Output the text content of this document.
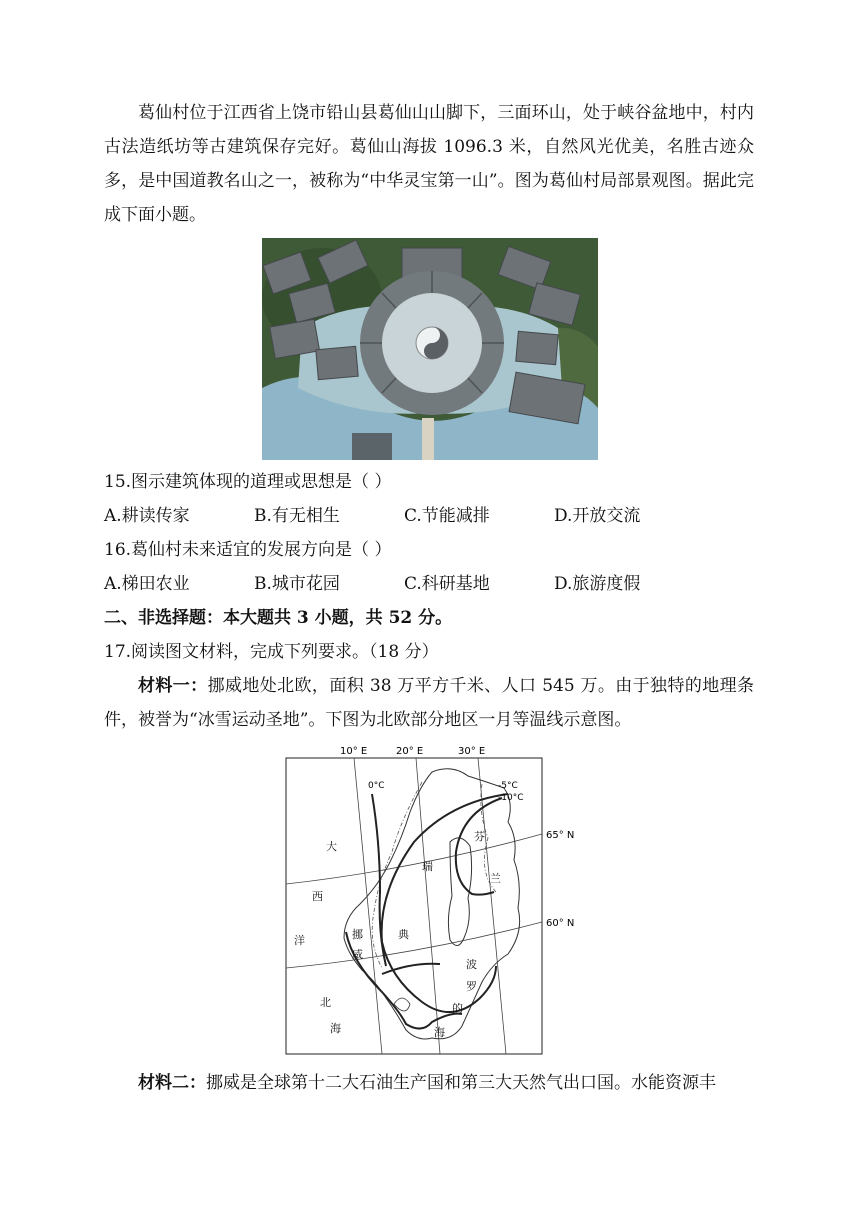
葛仙村位于江西省上饶市铅山县葛仙山山脚下，三面环山，处于峡谷盆地中，村内古法造纸坊等古建筑保存完好。葛仙山海拔 1096.3 米，自然风光优美，名胜古迹众多，是中国道教名山之一，被称为“中华灵宝第一山”。图为葛仙村局部景观图。据此完成下面小题。
15.图示建筑体现的道理或思想是（ ）
A.耕读传家	B.有无相生	C.节能减排	D.开放交流
16.葛仙村未来适宜的发展方向是（ ）
A.梯田农业	B.城市花园	C.科研基地	D.旅游度假
二、非选择题：本大题共 3 小题，共 52 分。
17.阅读图文材料，完成下列要求。（18 分）
材料一：挪威地处北欧，面积 38 万平方千米、人口 545 万。由于独特的地理条件，被誉为“冰雪运动圣地”。下图为北欧部分地区一月等温线示意图。
10° E	20° E	30° E
65° N
60° N
0°C	-5°C
-10°C
大
西
洋	挪
威
瑞
典
芬
兰
波
罗
的
海
北
海
材料二：挪威是全球第十二大石油生产国和第三大天然气出口国。水能资源丰
